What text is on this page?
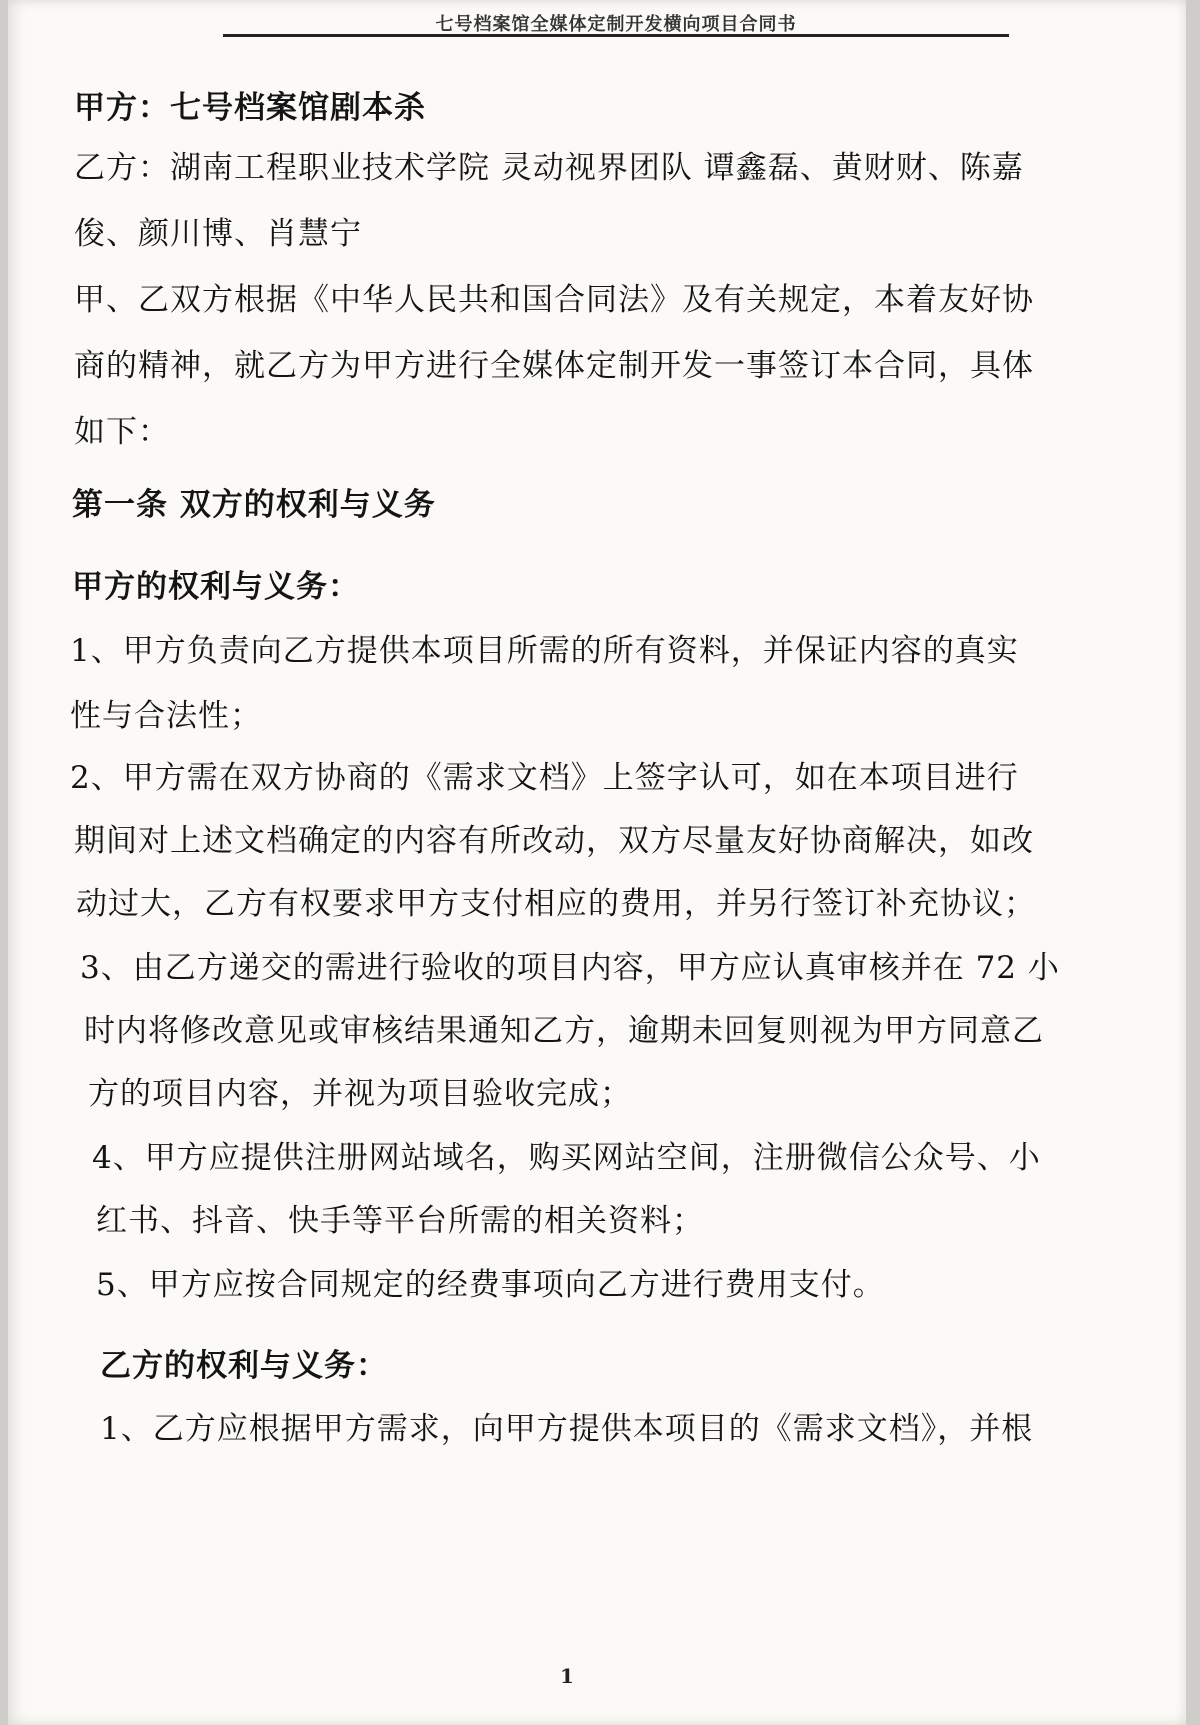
七号档案馆全媒体定制开发横向项目合同书
甲方：七号档案馆剧本杀
乙方：湖南工程职业技术学院 灵动视界团队 谭鑫磊、黄财财、陈嘉
俊、颜川博、肖慧宁
甲、乙双方根据《中华人民共和国合同法》及有关规定，本着友好协
商的精神，就乙方为甲方进行全媒体定制开发一事签订本合同，具体
如下：
第一条 双方的权利与义务
甲方的权利与义务：
1、甲方负责向乙方提供本项目所需的所有资料，并保证内容的真实
性与合法性；
2、甲方需在双方协商的《需求文档》上签字认可，如在本项目进行
期间对上述文档确定的内容有所改动，双方尽量友好协商解决，如改
动过大，乙方有权要求甲方支付相应的费用，并另行签订补充协议；
3、由乙方递交的需进行验收的项目内容，甲方应认真审核并在 72 小
时内将修改意见或审核结果通知乙方，逾期未回复则视为甲方同意乙
方的项目内容，并视为项目验收完成；
4、甲方应提供注册网站域名，购买网站空间，注册微信公众号、小
红书、抖音、快手等平台所需的相关资料；
5、甲方应按合同规定的经费事项向乙方进行费用支付。
乙方的权利与义务：
1、乙方应根据甲方需求，向甲方提供本项目的《需求文档》，并根
1
